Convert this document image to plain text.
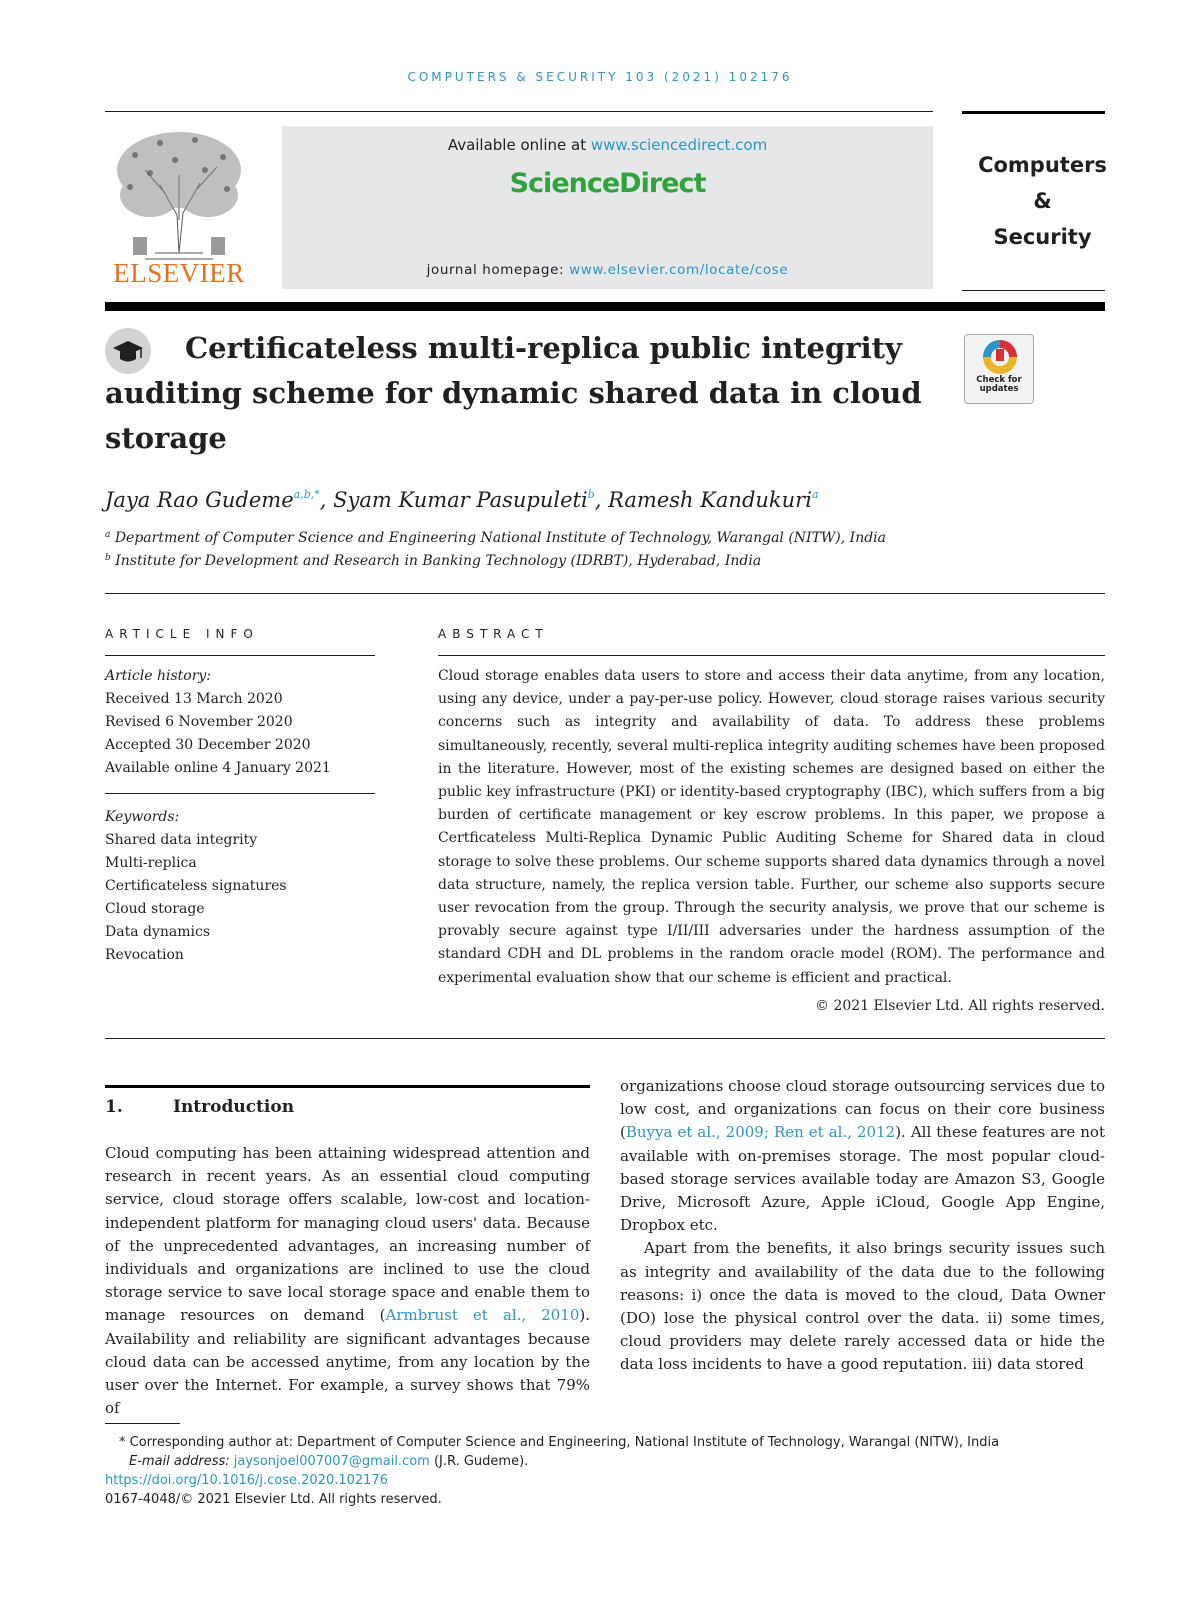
COMPUTERS & SECURITY 103 (2021) 102176
ELSEVIER
Available online at www.sciencedirect.com
ScienceDirect
journal homepage: www.elsevier.com/locate/cose
Computers
&
Security
Certificateless multi-replica public integrity auditing scheme for dynamic shared data in cloud storage
Check for
updates
Jaya Rao Gudeme$^{a,b,*}$, Syam Kumar Pasupuleti$^b$, Ramesh Kandukuri$^a$
$^a$ Department of Computer Science and Engineering National Institute of Technology, Warangal (NITW), India
$^b$ Institute for Development and Research in Banking Technology (IDRBT), Hyderabad, India
ARTICLE INFO
Article history:
Received 13 March 2020
Revised 6 November 2020
Accepted 30 December 2020
Available online 4 January 2021
Keywords:
Shared data integrity
Multi-replica
Certificateless signatures
Cloud storage
Data dynamics
Revocation
ABSTRACT
Cloud storage enables data users to store and access their data anytime, from any location, using any device, under a pay-per-use policy. However, cloud storage raises various security concerns such as integrity and availability of data. To address these problems simultaneously, recently, several multi-replica integrity auditing schemes have been proposed in the literature. However, most of the existing schemes are designed based on either the public key infrastructure (PKI) or identity-based cryptography (IBC), which suffers from a big burden of certificate management or key escrow problems. In this paper, we propose a Certficateless Multi-Replica Dynamic Public Auditing Scheme for Shared data in cloud storage to solve these problems. Our scheme supports shared data dynamics through a novel data structure, namely, the replica version table. Further, our scheme also supports secure user revocation from the group. Through the security analysis, we prove that our scheme is provably secure against type I/II/III adversaries under the hardness assumption of the standard CDH and DL problems in the random oracle model (ROM). The performance and experimental evaluation show that our scheme is efficient and practical.
© 2021 Elsevier Ltd. All rights reserved.
1.	Introduction

Cloud computing has been attaining widespread attention and research in recent years. As an essential cloud computing service, cloud storage offers scalable, low-cost and location-independent platform for managing cloud users' data. Because of the unprecedented advantages, an increasing number of individuals and organizations are inclined to use the cloud storage service to save local storage space and enable them to manage resources on demand (Armbrust et al., 2010). Availability and reliability are significant advantages because cloud data can be accessed anytime, from any location by the user over the Internet. For example, a survey shows that 79% of

organizations choose cloud storage outsourcing services due to low cost, and organizations can focus on their core business (Buyya et al., 2009; Ren et al., 2012). All these features are not available with on-premises storage. The most popular cloud-based storage services available today are Amazon S3, Google Drive, Microsoft Azure, Apple iCloud, Google App Engine, Dropbox etc.

Apart from the benefits, it also brings security issues such as integrity and availability of the data due to the following reasons: i) once the data is moved to the cloud, Data Owner (DO) lose the physical control over the data. ii) some times, cloud providers may delete rarely accessed data or hide the data loss incidents to have a good reputation. iii) data stored

* Corresponding author at: Department of Computer Science and Engineering, National Institute of Technology, Warangal (NITW), India
E-mail address: jaysonjoel007007@gmail.com (J.R. Gudeme).
https://doi.org/10.1016/j.cose.2020.102176
0167-4048/© 2021 Elsevier Ltd. All rights reserved.
